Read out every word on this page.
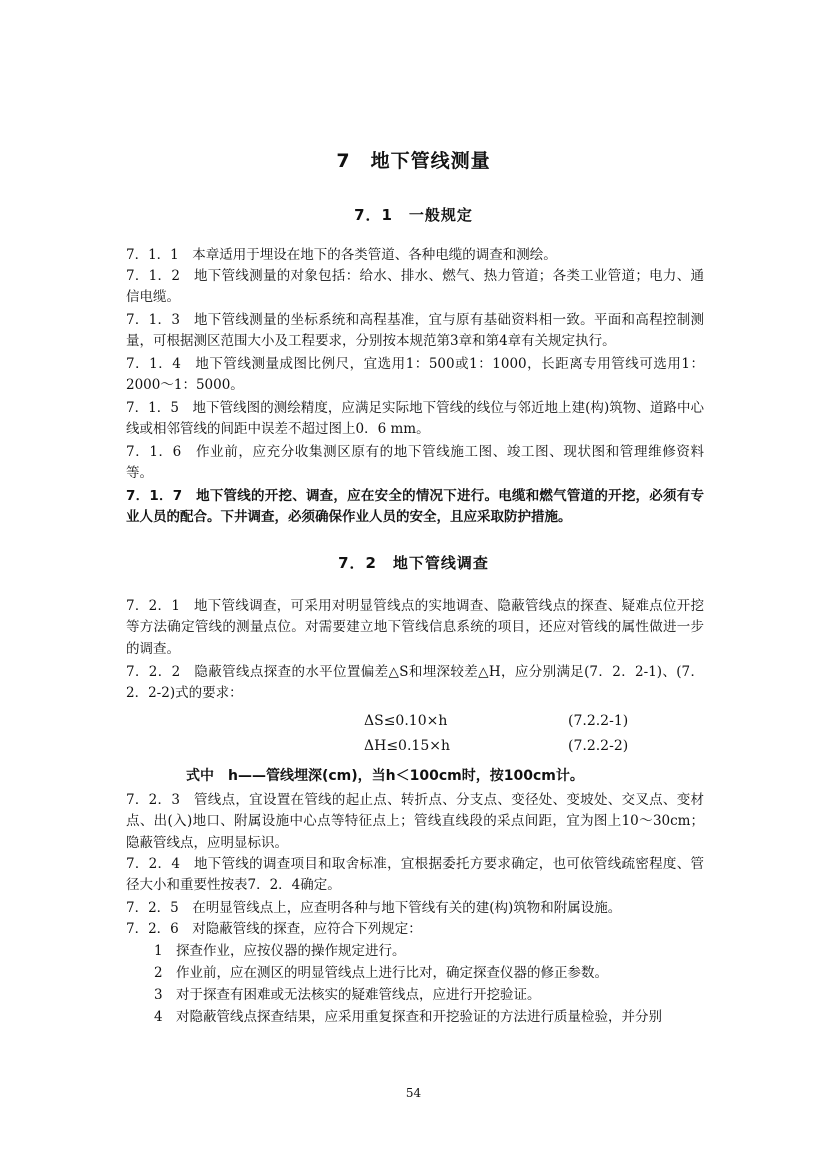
7　地下管线测量
7．1　一般规定

7．1．1　本章适用于埋设在地下的各类管道、各种电缆的调查和测绘。

7．1．2　地下管线测量的对象包括：给水、排水、燃气、热力管道；各类工业管道；电力、通信电缆。

7．1．3　地下管线测量的坐标系统和高程基准，宜与原有基础资料相一致。平面和高程控制测量，可根据测区范围大小及工程要求，分别按本规范第3章和第4章有关规定执行。

7．1．4　地下管线测量成图比例尺，宜选用1：500或1：1000，长距离专用管线可选用1：2000～1：5000。

7．1．5　地下管线图的测绘精度，应满足实际地下管线的线位与邻近地上建(构)筑物、道路中心线或相邻管线的间距中误差不超过图上0．6 mm。

7．1．6　作业前，应充分收集测区原有的地下管线施工图、竣工图、现状图和管理维修资料等。

7．1．7　地下管线的开挖、调查，应在安全的情况下进行。电缆和燃气管道的开挖，必须有专业人员的配合。下井调查，必须确保作业人员的安全，且应采取防护措施。

7．2　地下管线调查

7．2．1　地下管线调查，可采用对明显管线点的实地调查、隐蔽管线点的探查、疑难点位开挖等方法确定管线的测量点位。对需要建立地下管线信息系统的项目，还应对管线的属性做进一步的调查。

7．2．2　隐蔽管线点探查的水平位置偏差△S和埋深较差△H，应分别满足(7．2．2-1)、(7．2．2-2)式的要求：

ΔS≤0.10×h	(7.2.2-1)
ΔH≤0.15×h	(7.2.2-2)
式中　h——管线埋深(cm)，当h＜100cm时，按100cm计。

7．2．3　管线点，宜设置在管线的起止点、转折点、分支点、变径处、变坡处、交叉点、变材点、出(入)地口、附属设施中心点等特征点上；管线直线段的采点间距，宜为图上10～30cm；隐蔽管线点，应明显标识。

7．2．4　地下管线的调查项目和取舍标准，宜根据委托方要求确定，也可依管线疏密程度、管径大小和重要性按表7．2．4确定。

7．2．5　在明显管线点上，应查明各种与地下管线有关的建(构)筑物和附属设施。

7．2．6　对隐蔽管线的探查，应符合下列规定：

1 探查作业，应按仪器的操作规定进行。
2 作业前，应在测区的明显管线点上进行比对，确定探查仪器的修正参数。
3 对于探查有困难或无法核实的疑难管线点，应进行开挖验证。
4 对隐蔽管线点探查结果，应采用重复探查和开挖验证的方法进行质量检验，并分别
54
